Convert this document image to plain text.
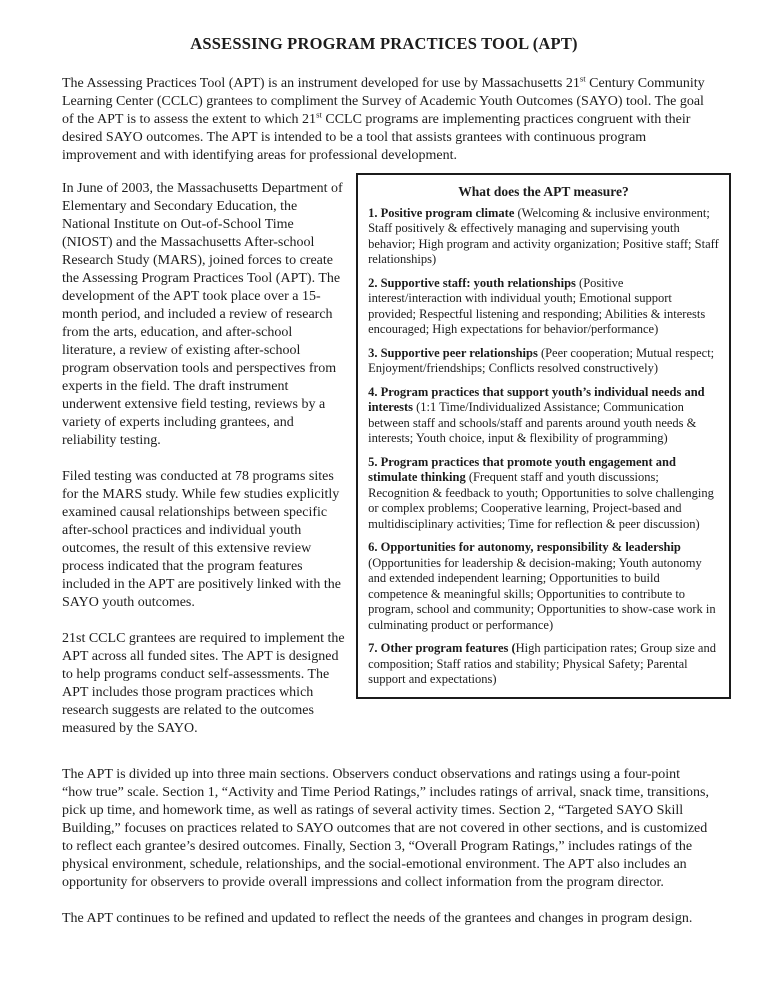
ASSESSING PROGRAM PRACTICES TOOL (APT)

The Assessing Practices Tool (APT) is an instrument developed for use by Massachusetts 21st Century Community Learning Center (CCLC) grantees to compliment the Survey of Academic Youth Outcomes (SAYO) tool. The goal of the APT is to assess the extent to which 21st CCLC programs are implementing practices congruent with their desired SAYO outcomes. The APT is intended to be a tool that assists grantees with continuous program improvement and with identifying areas for professional development.

In June of 2003, the Massachusetts Department of Elementary and Secondary Education, the National Institute on Out-of-School Time (NIOST) and the Massachusetts After-school Research Study (MARS), joined forces to create the Assessing Program Practices Tool (APT). The development of the APT took place over a 15-month period, and included a review of research from the arts, education, and after-school literature, a review of existing after-school program observation tools and perspectives from experts in the field. The draft instrument underwent extensive field testing, reviews by a variety of experts including grantees, and reliability testing.

Filed testing was conducted at 78 programs sites for the MARS study. While few studies explicitly examined causal relationships between specific after-school practices and individual youth outcomes, the result of this extensive review process indicated that the program features included in the APT are positively linked with the SAYO youth outcomes.

21st CCLC grantees are required to implement the APT across all funded sites. The APT is designed to help programs conduct self-assessments. The APT includes those program practices which research suggests are related to the outcomes measured by the SAYO.

What does the APT measure?
1. Positive program climate (Welcoming & inclusive environment; Staff positively & effectively managing and supervising youth behavior; High program and activity organization; Positive staff; Staff relationships)
2. Supportive staff: youth relationships (Positive interest/interaction with individual youth; Emotional support provided; Respectful listening and responding; Abilities & interests encouraged; High expectations for behavior/performance)
3. Supportive peer relationships (Peer cooperation; Mutual respect; Enjoyment/friendships; Conflicts resolved constructively)
4. Program practices that support youth’s individual needs and interests (1:1 Time/Individualized Assistance; Communication between staff and schools/staff and parents around youth needs & interests; Youth choice, input & flexibility of programming)
5. Program practices that promote youth engagement and stimulate thinking (Frequent staff and youth discussions; Recognition & feedback to youth; Opportunities to solve challenging or complex problems; Cooperative learning, Project-based and multidisciplinary activities; Time for reflection & peer discussion)
6. Opportunities for autonomy, responsibility & leadership (Opportunities for leadership & decision-making; Youth autonomy and extended independent learning; Opportunities to build competence & meaningful skills; Opportunities to contribute to program, school and community; Opportunities to show-case work in culminating product or performance)
7. Other program features (High participation rates; Group size and composition; Staff ratios and stability; Physical Safety; Parental support and expectations)

The APT is divided up into three main sections. Observers conduct observations and ratings using a four-point “how true” scale. Section 1, “Activity and Time Period Ratings,” includes ratings of arrival, snack time, transitions, pick up time, and homework time, as well as ratings of several activity times. Section 2, “Targeted SAYO Skill Building,” focuses on practices related to SAYO outcomes that are not covered in other sections, and is customized to reflect each grantee’s desired outcomes. Finally, Section 3, “Overall Program Ratings,” includes ratings of the physical environment, schedule, relationships, and the social-emotional environment. The APT also includes an opportunity for observers to provide overall impressions and collect information from the program director.

The APT continues to be refined and updated to reflect the needs of the grantees and changes in program design.
